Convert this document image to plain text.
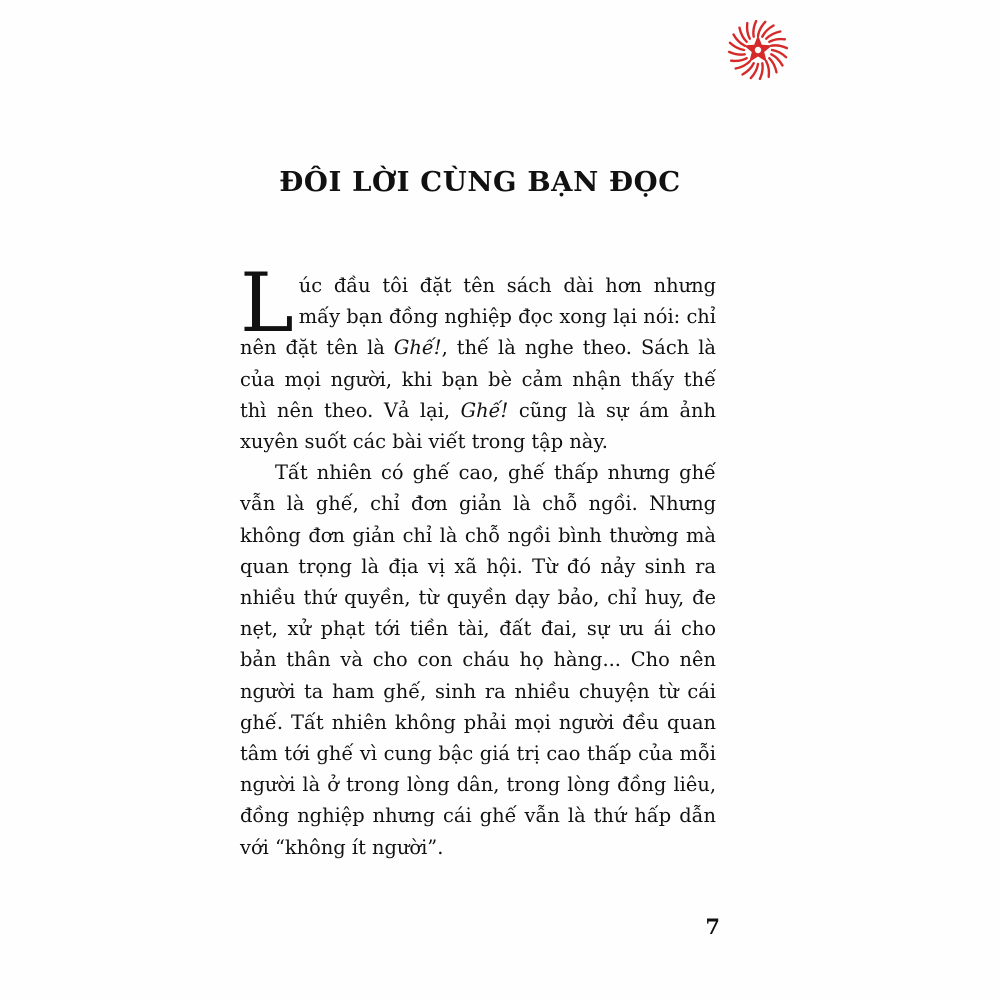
ĐÔI LỜI CÙNG BẠN ĐỌC

Lúc đầu tôi đặt tên sách dài hơn nhưng mấy bạn đồng nghiệp đọc xong lại nói: chỉ nên đặt tên là Ghế!, thế là nghe theo. Sách là của mọi người, khi bạn bè cảm nhận thấy thế thì nên theo. Vả lại, Ghế! cũng là sự ám ảnh xuyên suốt các bài viết trong tập này.

Tất nhiên có ghế cao, ghế thấp nhưng ghế vẫn là ghế, chỉ đơn giản là chỗ ngồi. Nhưng không đơn giản chỉ là chỗ ngồi bình thường mà quan trọng là địa vị xã hội. Từ đó nảy sinh ra nhiều thứ quyền, từ quyền dạy bảo, chỉ huy, đe nẹt, xử phạt tới tiền tài, đất đai, sự ưu ái cho bản thân và cho con cháu họ hàng... Cho nên người ta ham ghế, sinh ra nhiều chuyện từ cái ghế. Tất nhiên không phải mọi người đều quan tâm tới ghế vì cung bậc giá trị cao thấp của mỗi người là ở trong lòng dân, trong lòng đồng liêu, đồng nghiệp nhưng cái ghế vẫn là thứ hấp dẫn với “không ít người”.

7
